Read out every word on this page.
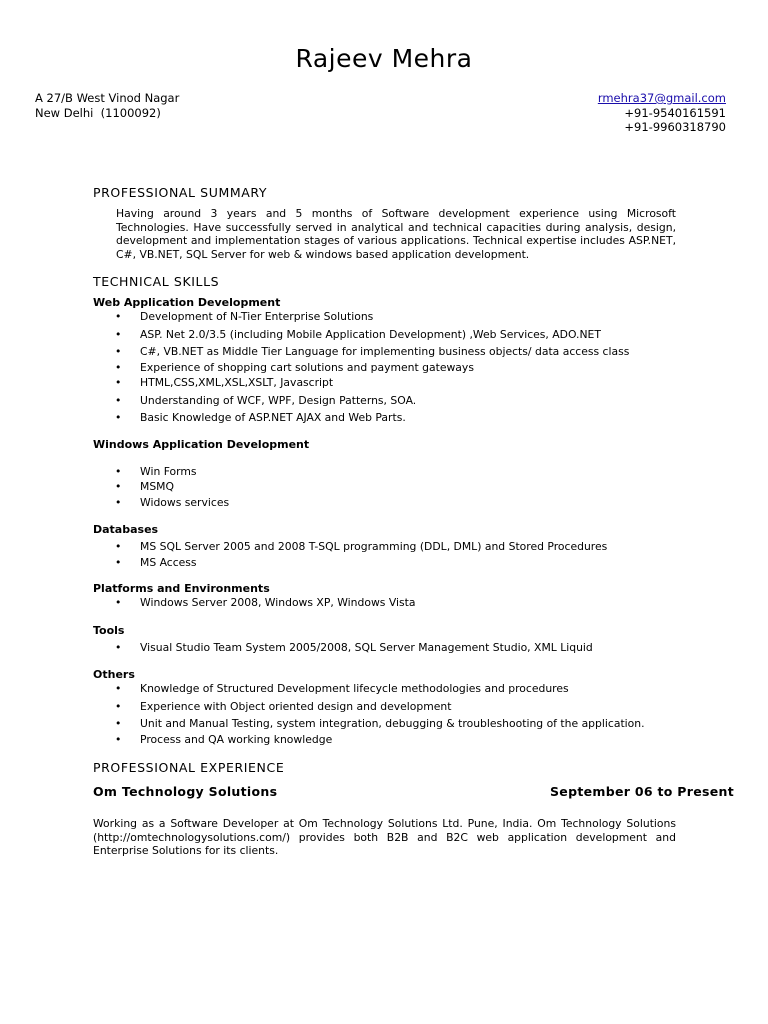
Rajeev Mehra
A 27/B West Vinod Nagar
New Delhi  (1100092)
rmehra37@gmail.com
+91-9540161591
+91-9960318790
PROFESSIONAL SUMMARY

Having around 3 years and 5 months of Software development experience using Microsoft Technologies. Have successfully served in analytical and technical capacities during analysis, design, development and implementation stages of various applications. Technical expertise includes ASP.NET, C#, VB.NET, SQL Server for web & windows based application development.

TECHNICAL SKILLS
Web Application Development
• Development of N-Tier Enterprise Solutions
• ASP. Net 2.0/3.5 (including Mobile Application Development) ,Web Services, ADO.NET
• C#, VB.NET as Middle Tier Language for implementing business objects/ data access class
• Experience of shopping cart solutions and payment gateways
• HTML,CSS,XML,XSL,XSLT, Javascript
• Understanding of WCF, WPF, Design Patterns, SOA.
• Basic Knowledge of ASP.NET AJAX and Web Parts.
Windows Application Development
• Win Forms
• MSMQ
• Widows services
Databases
• MS SQL Server 2005 and 2008 T-SQL programming (DDL, DML) and Stored Procedures
• MS Access
Platforms and Environments
• Windows Server 2008, Windows XP, Windows Vista
Tools
• Visual Studio Team System 2005/2008, SQL Server Management Studio, XML Liquid
Others
• Knowledge of Structured Development lifecycle methodologies and procedures
• Experience with Object oriented design and development
• Unit and Manual Testing, system integration, debugging & troubleshooting of the application.
• Process and QA working knowledge
PROFESSIONAL EXPERIENCE
Om Technology Solutions	September 06 to Present

Working as a Software Developer at Om Technology Solutions Ltd. Pune, India. Om Technology Solutions (http://omtechnologysolutions.com/) provides both B2B and B2C web application development and Enterprise Solutions for its clients.
